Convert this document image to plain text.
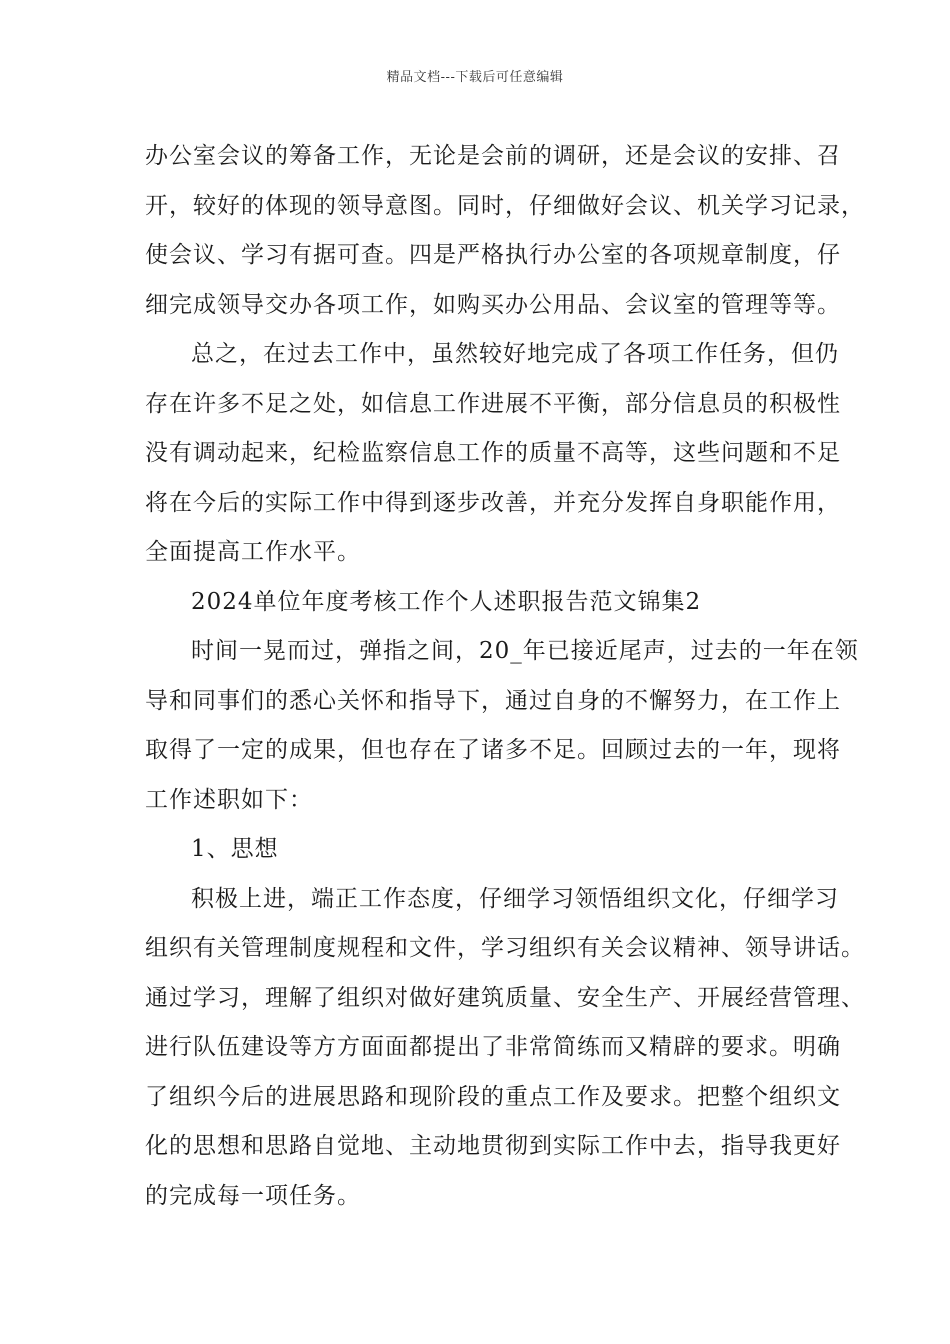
精品文档---下载后可任意编辑
办公室会议的筹备工作，无论是会前的调研，还是会议的安排、召
开，较好的体现的领导意图。同时，仔细做好会议、机关学习记录，
使会议、学习有据可查。四是严格执行办公室的各项规章制度，仔
细完成领导交办各项工作，如购买办公用品、会议室的管理等等。
总之，在过去工作中，虽然较好地完成了各项工作任务，但仍
存在许多不足之处，如信息工作进展不平衡，部分信息员的积极性
没有调动起来，纪检监察信息工作的质量不高等，这些问题和不足
将在今后的实际工作中得到逐步改善，并充分发挥自身职能作用，
全面提高工作水平。
2024单位年度考核工作个人述职报告范文锦集2
时间一晃而过，弹指之间，20_年已接近尾声，过去的一年在领
导和同事们的悉心关怀和指导下，通过自身的不懈努力，在工作上
取得了一定的成果，但也存在了诸多不足。回顾过去的一年，现将
工作述职如下：
1、思想
积极上进，端正工作态度，仔细学习领悟组织文化，仔细学习
组织有关管理制度规程和文件，学习组织有关会议精神、领导讲话。
通过学习，理解了组织对做好建筑质量、安全生产、开展经营管理、
进行队伍建设等方方面面都提出了非常简练而又精辟的要求。明确
了组织今后的进展思路和现阶段的重点工作及要求。把整个组织文
化的思想和思路自觉地、主动地贯彻到实际工作中去，指导我更好
的完成每一项任务。
